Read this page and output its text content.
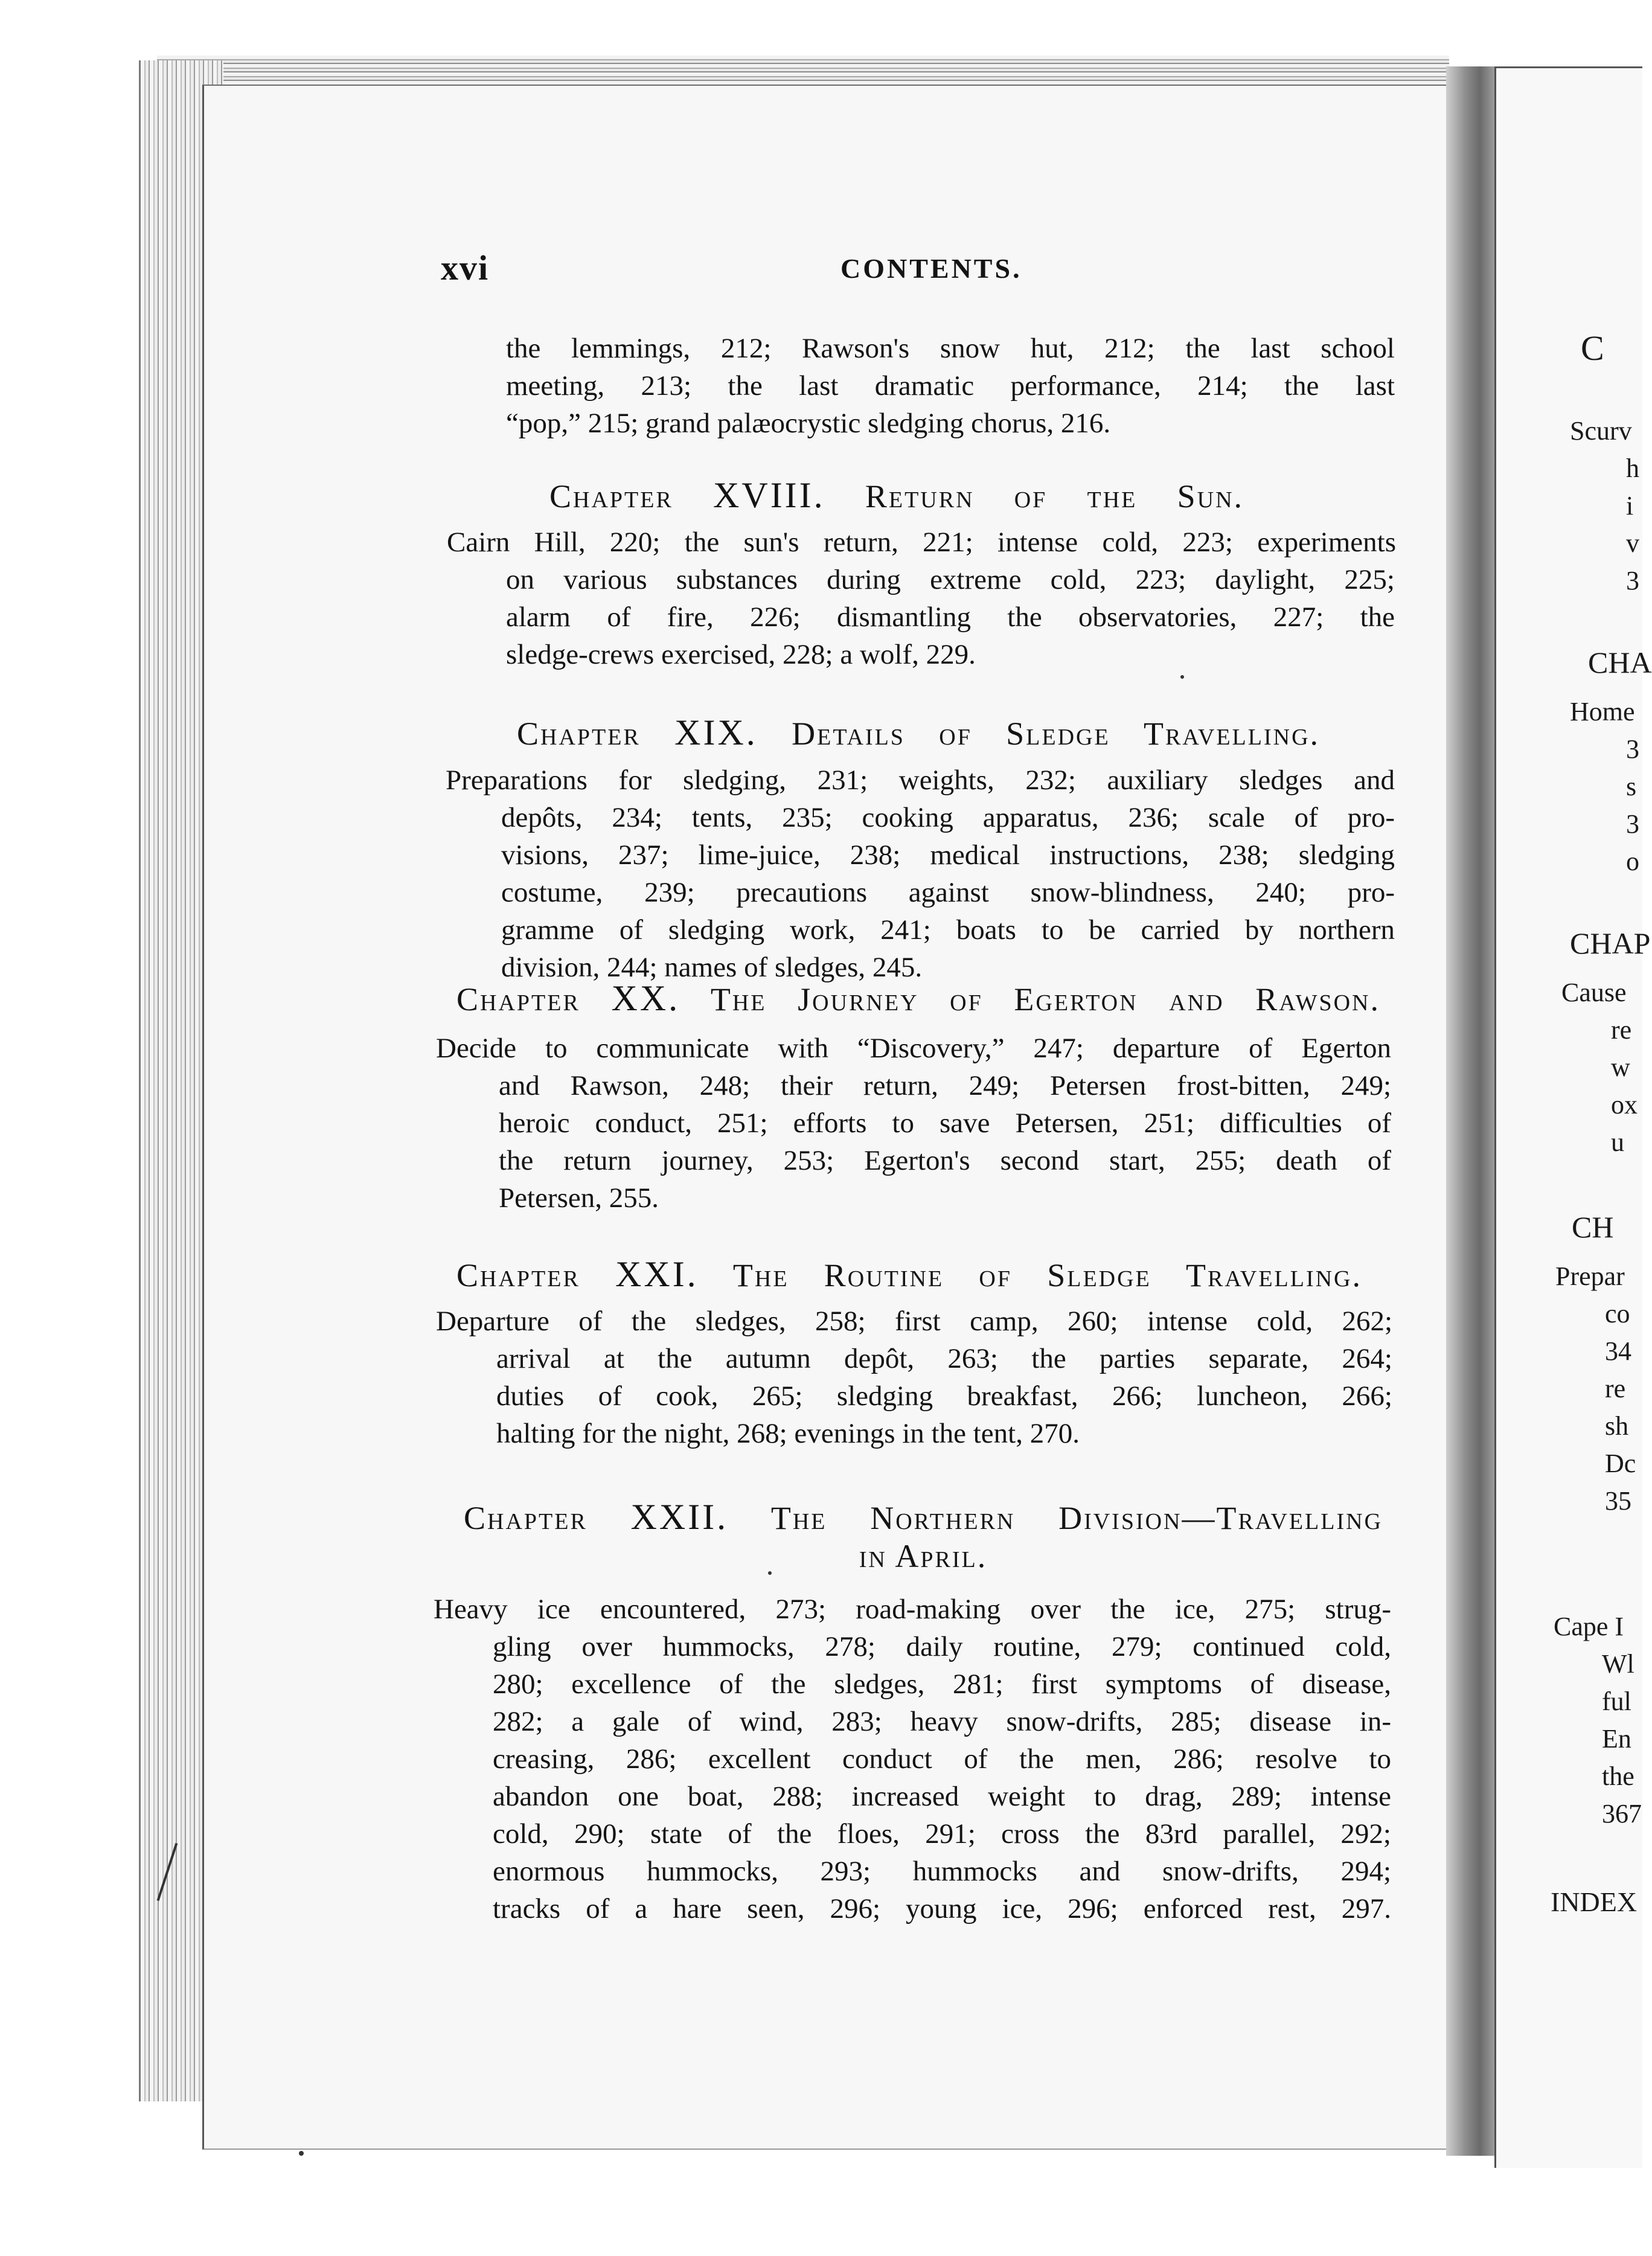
xvi	CONTENTS.
the lemmings, 212; Rawson's snow hut, 212; the last school
meeting, 213; the last dramatic performance, 214; the last
“pop,” 215; grand palæocrystic sledging chorus, 216.
Chapter XVIII. Return of the Sun.
Cairn Hill, 220; the sun's return, 221; intense cold, 223; experiments
on various substances during extreme cold, 223; daylight, 225;
alarm of fire, 226; dismantling the observatories, 227; the
sledge-crews exercised, 228; a wolf, 229.
Chapter XIX. Details of Sledge Travelling.
Preparations for sledging, 231; weights, 232; auxiliary sledges and
depôts, 234; tents, 235; cooking apparatus, 236; scale of pro-
visions, 237; lime-juice, 238; medical instructions, 238; sledging
costume, 239; precautions against snow-blindness, 240; pro-
gramme of sledging work, 241; boats to be carried by northern
division, 244; names of sledges, 245.
Chapter XX. The Journey of Egerton and Rawson.
Decide to communicate with “Discovery,” 247; departure of Egerton
and Rawson, 248; their return, 249; Petersen frost-bitten, 249;
heroic conduct, 251; efforts to save Petersen, 251; difficulties of
the return journey, 253; Egerton's second start, 255; death of
Petersen, 255.
Chapter XXI. The Routine of Sledge Travelling.
Departure of the sledges, 258; first camp, 260; intense cold, 262;
arrival at the autumn depôt, 263; the parties separate, 264;
duties of cook, 265; sledging breakfast, 266; luncheon, 266;
halting for the night, 268; evenings in the tent, 270.
Chapter XXII. The Northern Division—Travelling
in April.
Heavy ice encountered, 273; road-making over the ice, 275; strug-
gling over hummocks, 278; daily routine, 279; continued cold,
280; excellence of the sledges, 281; first symptoms of disease,
282; a gale of wind, 283; heavy snow-drifts, 285; disease in-
creasing, 286; excellent conduct of the men, 286; resolve to
abandon one boat, 288; increased weight to drag, 289; intense
cold, 290; state of the floes, 291; cross the 83rd parallel, 292;
enormous hummocks, 293; hummocks and snow-drifts, 294;
tracks of a hare seen, 296; young ice, 296; enforced rest, 297.
C
Scurv
h
i
v
3
CHA
Home
3
s
3
o
CHAP
Cause
re
w
ox
u
CH
Prepar
co
34
re
sh
Dc
35
Cape I
Wl
ful
En
the
367
INDEX
